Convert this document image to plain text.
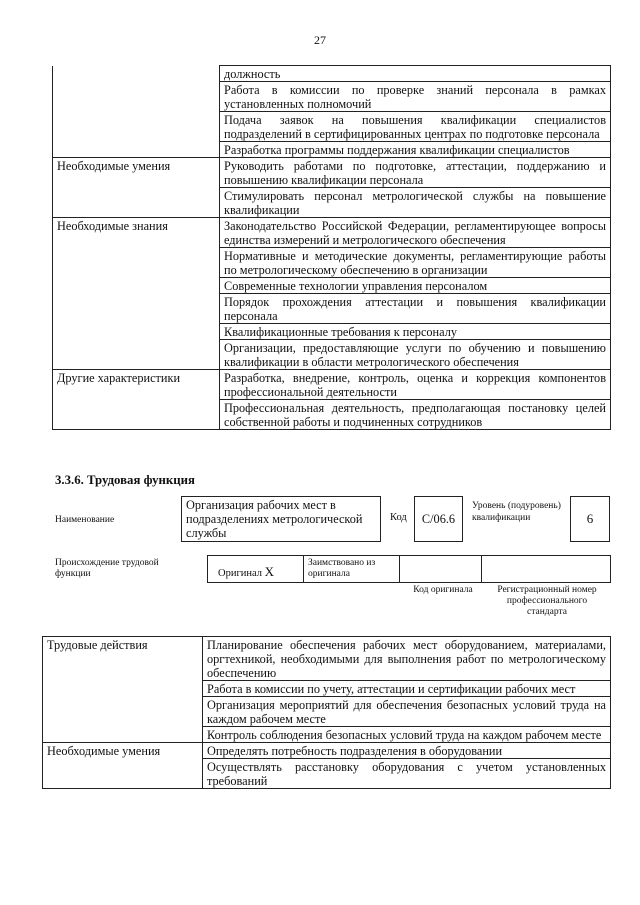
27
	должность
	Работа в комиссии по проверке знаний персонала в рамках установленных полномочий
	Подача заявок на повышения квалификации специалистов подразделений в сертифицированных центрах по подготовке персонала
	Разработка программы поддержания квалификации специалистов
Необходимые умения	Руководить работами по подготовке, аттестации, поддержанию и повышению квалификации персонала
	Стимулировать персонал метрологической службы на повышение квалификации
Необходимые знания	Законодательство Российской Федерации, регламентирующее вопросы единства измерений и метрологического обеспечения
	Нормативные и методические документы, регламентирующие работы по метрологическому обеспечению в организации
	Современные технологии управления персоналом
	Порядок прохождения аттестации и повышения квалификации персонала
	Квалификационные требования к персоналу
	Организации, предоставляющие услуги по обучению и повышению квалификации в области метрологического обеспечения
Другие характеристики	Разработка, внедрение, контроль, оценка и коррекция компонентов профессиональной деятельности
	Профессиональная деятельность, предполагающая постановку целей собственной работы и подчиненных сотрудников
3.3.6. Трудовая функция
Наименование
Организация рабочих мест в подразделениях метрологической службы
Код	C/06.6
Уровень (подуровень) квалификации	6
Происхождение трудовой функции	Оригинал X
Заимствовано из оригинала
Код оригинала	Регистрационный номер профессионального стандарта
Трудовые действия	Планирование обеспечения рабочих мест оборудованием, материалами, оргтехникой, необходимыми для выполнения работ по метрологическому обеспечению
	Работа в комиссии по учету, аттестации и сертификации рабочих мест
	Организация мероприятий для обеспечения безопасных условий труда на каждом рабочем месте
	Контроль соблюдения безопасных условий труда на каждом рабочем месте
Необходимые умения	Определять потребность подразделения в оборудовании
	Осуществлять расстановку оборудования с учетом установленных требований
